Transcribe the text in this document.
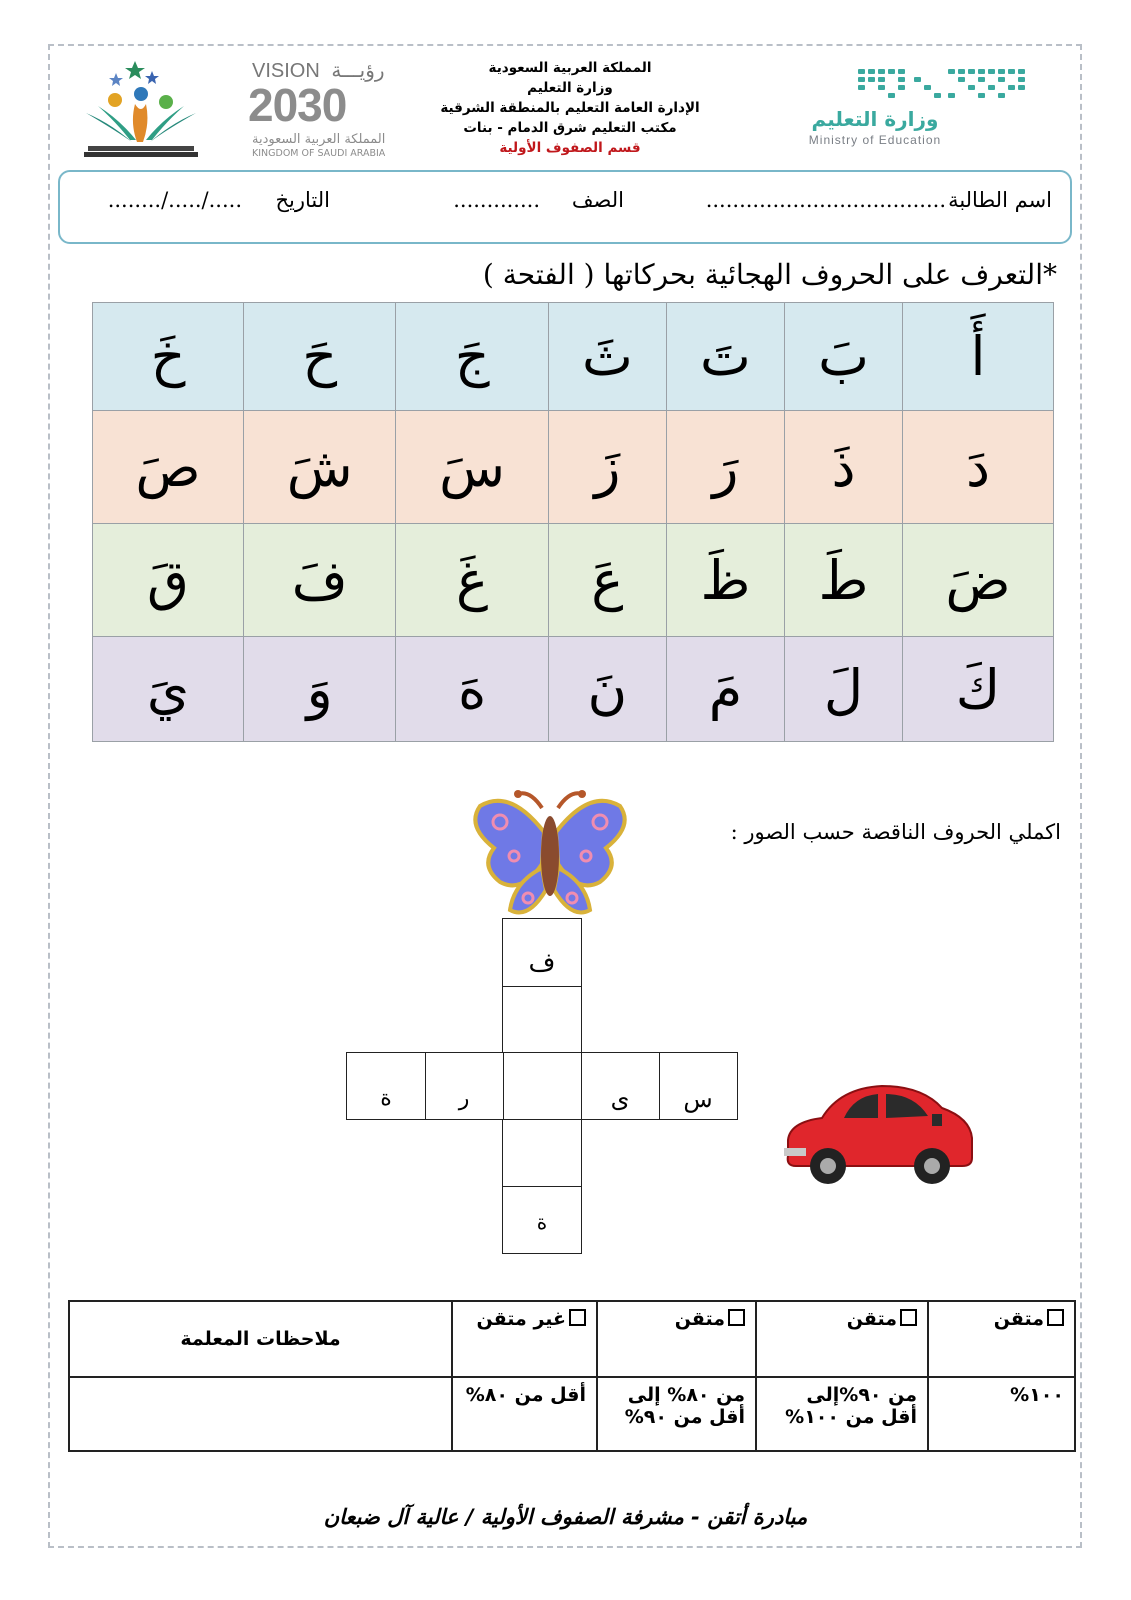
VISION رؤيـــة
2030
المملكة العربية السعودية
KINGDOM OF SAUDI ARABIA
المملكة العربية السعودية
وزارة التعليم
الإدارة العامة التعليم بالمنطقة الشرقية
مكتب التعليم شرق الدمام - بنات
قسم الصفوف الأولية
وزارة التعليم
Ministry of Education
اسم الطالبة
....................................
الصف
.............
التاريخ
...../...../........
*التعرف على الحروف الهجائية بحركاتها ( الفتحة )
أَ	بَ	تَ	ثَ	جَ	حَ	خَ
دَ	ذَ	رَ	زَ	سَ	شَ	صَ
ضَ	طَ	ظَ	عَ	غَ	فَ	قَ
كَ	لَ	مَ	نَ	هَ	وَ	يَ
اكملي الحروف الناقصة حسب الصور :
ف
ة
س
ى
ر
ة
متقن	متقن	متقن	غير متقن	ملاحظات المعلمة
١٠٠%	من ٩٠%إلى أقل من ١٠٠%	من ٨٠% إلى أقل من ٩٠%	أقل من ٨٠%	
مبادرة أتقن - مشرفة الصفوف الأولية / عالية آل ضبعان
